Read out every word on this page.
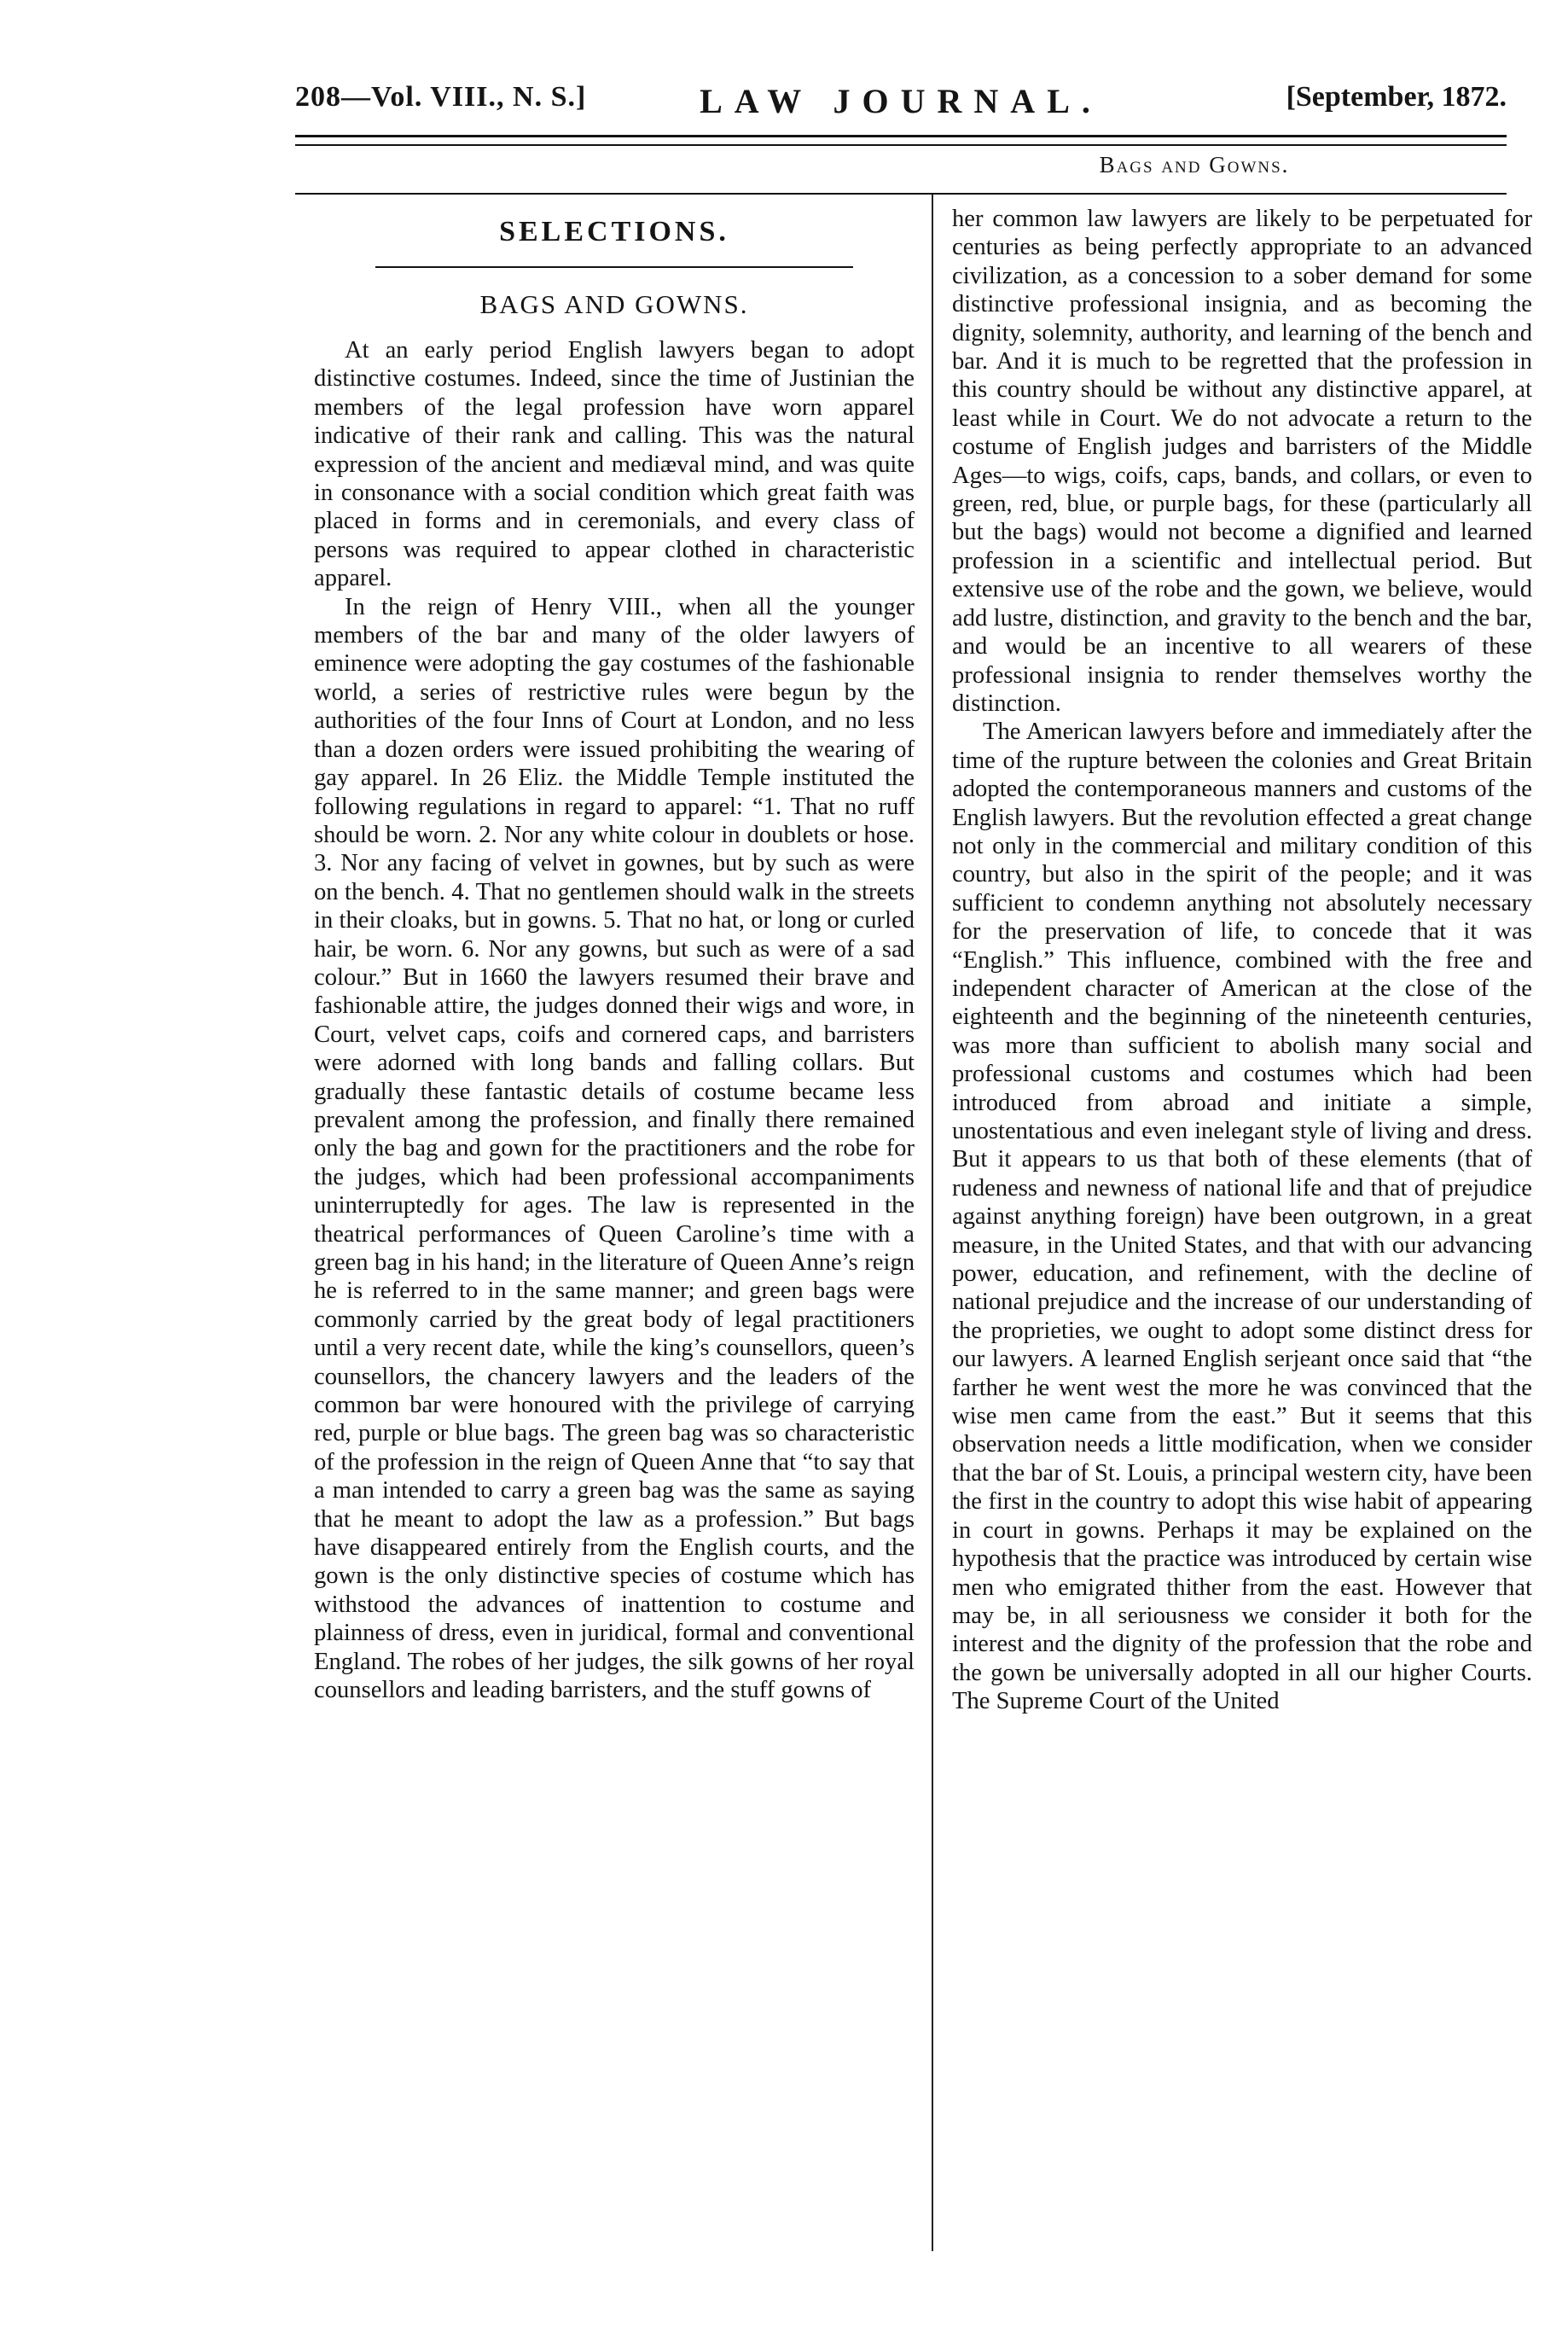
208—Vol. VIII., N. S.]	LAW JOURNAL.	[September, 1872.
Bags and Gowns.
SELECTIONS.
BAGS AND GOWNS.

At an early period English lawyers began to adopt distinctive costumes. Indeed, since the time of Justinian the members of the legal profession have worn apparel indicative of their rank and calling. This was the natural expression of the ancient and mediæval mind, and was quite in consonance with a social condition which great faith was placed in forms and in ceremonials, and every class of persons was required to appear clothed in characteristic apparel.

In the reign of Henry VIII., when all the younger members of the bar and many of the older lawyers of eminence were adopting the gay costumes of the fashionable world, a series of restrictive rules were begun by the authorities of the four Inns of Court at London, and no less than a dozen orders were issued prohibiting the wearing of gay apparel. In 26 Eliz. the Middle Temple instituted the following regulations in regard to apparel: “1. That no ruff should be worn. 2. Nor any white colour in doublets or hose. 3. Nor any facing of velvet in gownes, but by such as were on the bench. 4. That no gentlemen should walk in the streets in their cloaks, but in gowns. 5. That no hat, or long or curled hair, be worn. 6. Nor any gowns, but such as were of a sad colour.” But in 1660 the lawyers resumed their brave and fashionable attire, the judges donned their wigs and wore, in Court, velvet caps, coifs and cornered caps, and barristers were adorned with long bands and falling collars. But gradually these fantastic details of costume became less prevalent among the profession, and finally there remained only the bag and gown for the practitioners and the robe for the judges, which had been professional accompaniments uninterruptedly for ages. The law is represented in the theatrical performances of Queen Caroline’s time with a green bag in his hand; in the literature of Queen Anne’s reign he is referred to in the same manner; and green bags were commonly carried by the great body of legal practitioners until a very recent date, while the king’s counsellors, queen’s counsellors, the chancery lawyers and the leaders of the common bar were honoured with the privilege of carrying red, purple or blue bags. The green bag was so characteristic of the profession in the reign of Queen Anne that “to say that a man intended to carry a green bag was the same as saying that he meant to adopt the law as a profession.” But bags have disappeared entirely from the English courts, and the gown is the only distinctive species of costume which has withstood the advances of inattention to costume and plainness of dress, even in juridical, formal and conventional England. The robes of her judges, the silk gowns of her royal counsellors and leading barristers, and the stuff gowns of

her common law lawyers are likely to be perpetuated for centuries as being perfectly appropriate to an advanced civilization, as a concession to a sober demand for some distinctive professional insignia, and as becoming the dignity, solemnity, authority, and learning of the bench and bar. And it is much to be regretted that the profession in this country should be without any distinctive apparel, at least while in Court. We do not advocate a return to the costume of English judges and barristers of the Middle Ages—to wigs, coifs, caps, bands, and collars, or even to green, red, blue, or purple bags, for these (particularly all but the bags) would not become a dignified and learned profession in a scientific and intellectual period. But extensive use of the robe and the gown, we believe, would add lustre, distinction, and gravity to the bench and the bar, and would be an incentive to all wearers of these professional insignia to render themselves worthy the distinction.

The American lawyers before and immediately after the time of the rupture between the colonies and Great Britain adopted the contemporaneous manners and customs of the English lawyers. But the revolution effected a great change not only in the commercial and military condition of this country, but also in the spirit of the people; and it was sufficient to condemn anything not absolutely necessary for the preservation of life, to concede that it was “English.” This influence, combined with the free and independent character of American at the close of the eighteenth and the beginning of the nineteenth centuries, was more than sufficient to abolish many social and professional customs and costumes which had been introduced from abroad and initiate a simple, unostentatious and even inelegant style of living and dress. But it appears to us that both of these elements (that of rudeness and newness of national life and that of prejudice against anything foreign) have been outgrown, in a great measure, in the United States, and that with our advancing power, education, and refinement, with the decline of national prejudice and the increase of our understanding of the proprieties, we ought to adopt some distinct dress for our lawyers. A learned English serjeant once said that “the farther he went west the more he was convinced that the wise men came from the east.” But it seems that this observation needs a little modification, when we consider that the bar of St. Louis, a principal western city, have been the first in the country to adopt this wise habit of appearing in court in gowns. Perhaps it may be explained on the hypothesis that the practice was introduced by certain wise men who emigrated thither from the east. However that may be, in all seriousness we consider it both for the interest and the dignity of the profession that the robe and the gown be universally adopted in all our higher Courts. The Supreme Court of the United
